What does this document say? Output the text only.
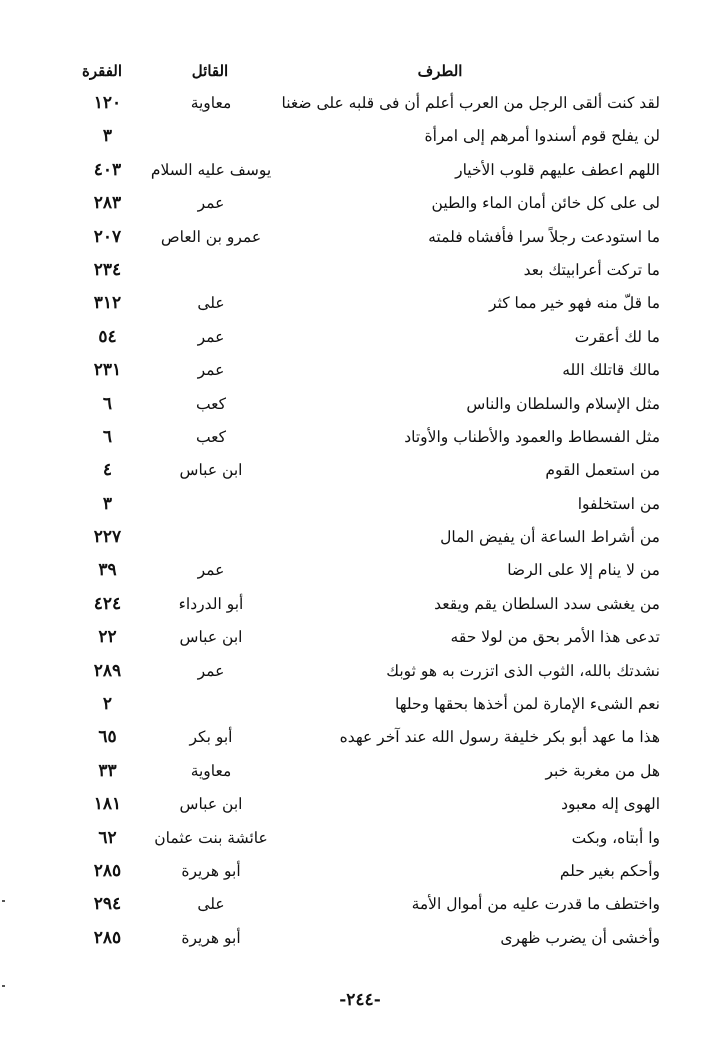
الطرف
القائل
الفقرة
لقد كنت ألقى الرجل من العرب أعلم أن فى قلبه على ضغنا
معاوية
١٢٠
لن يفلح قوم أسندوا أمرهم إلى امرأة
٣
اللهم اعطف عليهم قلوب الأخيار
يوسف عليه السلام
٤٠٣
لى على كل خائن أمان الماء والطين
عمر
٢٨٣
ما استودعت رجلاً سرا فأفشاه فلمته
عمرو بن العاص
٢٠٧
ما تركت أعرابيتك بعد
٢٣٤
ما قلّ منه فهو خير مما كثر
على
٣١٢
ما لك أعقرت
عمر
٥٤
مالك قاتلك الله
عمر
٢٣١
مثل الإسلام والسلطان والناس
كعب
٦
مثل الفسطاط والعمود والأطناب والأوتاد
كعب
٦
من استعمل القوم
ابن عباس
٤
من استخلفوا
٣
من أشراط الساعة أن يفيض المال
٢٢٧
من لا ينام إلا على الرضا
عمر
٣٩
من يغشى سدد السلطان يقم ويقعد
أبو الدرداء
٤٢٤
تدعى هذا الأمر بحق من لولا حقه
ابن عباس
٢٢
نشدتك بالله، الثوب الذى اتزرت به هو ثوبك
عمر
٢٨٩
نعم الشىء الإمارة لمن أخذها بحقها وحلها
٢
هذا ما عهد أبو بكر خليفة رسول الله عند آخر عهده
أبو بكر
٦٥
هل من مغربة خبر
معاوية
٣٣
الهوى إله معبود
ابن عباس
١٨١
وا أبتاه، وبكت
عائشة بنت عثمان
٦٢
وأحكم بغير حلم
أبو هريرة
٢٨٥
واختطف ما قدرت عليه من أموال الأمة
على
٢٩٤
وأخشى أن يضرب ظهرى
أبو هريرة
٢٨٥
-٢٤٤-
